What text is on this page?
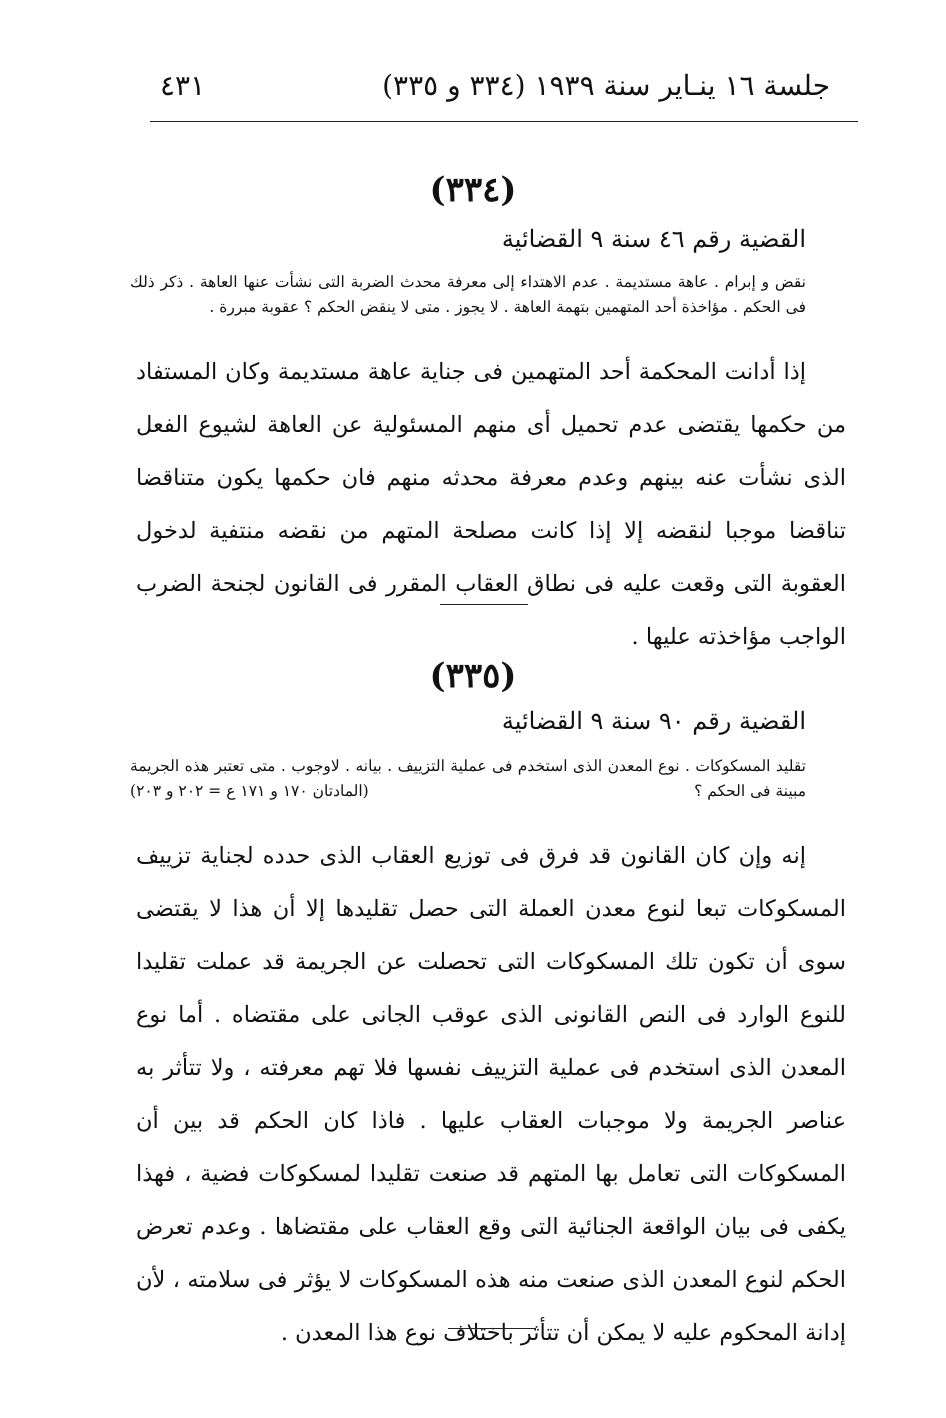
جلسة ١٦ ينـاير سنة ١٩٣٩ (٣٣٤ و ٣٣٥)
٤٣١
(٣٣٤)
القضية رقم ٤٦ سنة ٩ القضائية
نقض و إبرام . عاهة مستديمة . عدم الاهتداء إلى معرفة محدث الضربة التى نشأت عنها العاهة . ذكر ذلك فى الحكم . مؤاخذة أحد المتهمين بتهمة العاهة . لا يجوز . متى لا ينقض الحكم ؟ عقوبة مبررة .
إذا أدانت المحكمة أحد المتهمين فى جناية عاهة مستديمة وكان المستفاد من حكمها يقتضى عدم تحميل أى منهم المسئولية عن العاهة لشيوع الفعل الذى نشأت عنه بينهم وعدم معرفة محدثه منهم فان حكمها يكون متناقضا تناقضا موجبا لنقضه إلا إذا كانت مصلحة المتهم من نقضه منتفية لدخول العقوبة التى وقعت عليه فى نطاق العقاب المقرر فى القانون لجنحة الضرب الواجب مؤاخذته عليها .
(٣٣٥)
القضية رقم ٩٠ سنة ٩ القضائية
تقليد المسكوكات . نوع المعدن الذى استخدم فى عملية التزييف . بيانه . لاوجوب . متى تعتبر هذه الجريمة مبينة فى الحكم ؟
(المادتان ١٧٠ و ١٧١ ع = ٢٠٢ و ٢٠٣)
إنه وإن كان القانون قد فرق فى توزيع العقاب الذى حدده لجناية تزييف المسكوكات تبعا لنوع معدن العملة التى حصل تقليدها إلا أن هذا لا يقتضى سوى أن تكون تلك المسكوكات التى تحصلت عن الجريمة قد عملت تقليدا للنوع الوارد فى النص القانونى الذى عوقب الجانى على مقتضاه . أما نوع المعدن الذى استخدم فى عملية التزييف نفسها فلا تهم معرفته ، ولا تتأثر به عناصر الجريمة ولا موجبات العقاب عليها . فاذا كان الحكم قد بين أن المسكوكات التى تعامل بها المتهم قد صنعت تقليدا لمسكوكات فضية ، فهذا يكفى فى بيان الواقعة الجنائية التى وقع العقاب على مقتضاها . وعدم تعرض الحكم لنوع المعدن الذى صنعت منه هذه المسكوكات لا يؤثر فى سلامته ، لأن إدانة المحكوم عليه لا يمكن أن تتأثر باختلاف نوع هذا المعدن .
